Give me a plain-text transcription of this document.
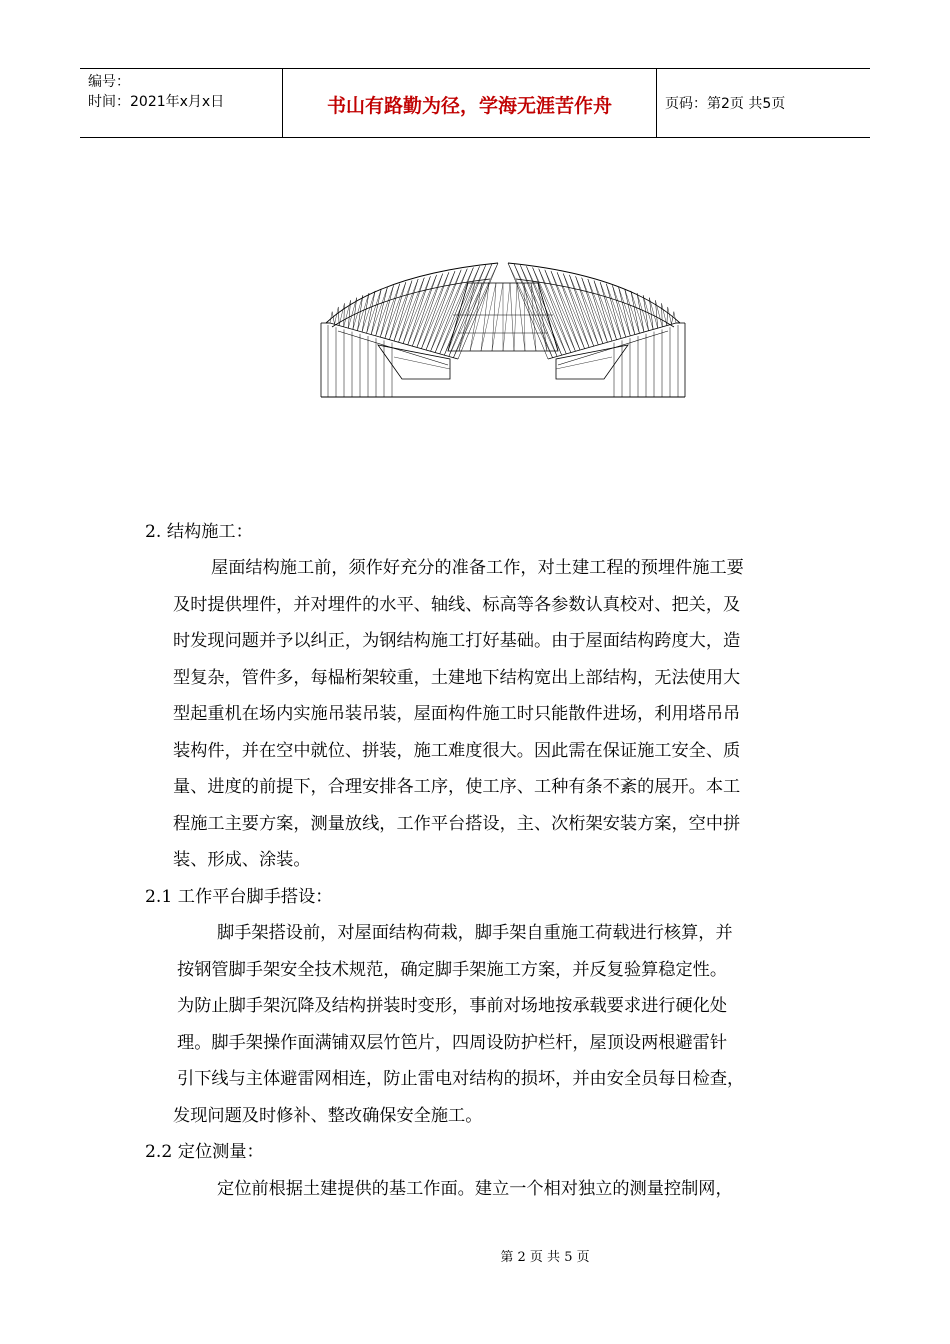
编号：
时间：2021年x月x日	书山有路勤为径，学海无涯苦作舟	页码：第2页 共5页
2. 结构施工：
屋面结构施工前，须作好充分的准备工作，对土建工程的预埋件施工要
及时提供埋件，并对埋件的水平、轴线、标高等各参数认真校对、把关，及
时发现问题并予以纠正，为钢结构施工打好基础。由于屋面结构跨度大，造
型复杂，管件多，每榀桁架较重，土建地下结构宽出上部结构，无法使用大
型起重机在场内实施吊装吊装，屋面构件施工时只能散件进场，利用塔吊吊
装构件，并在空中就位、拼装，施工难度很大。因此需在保证施工安全、质
量、进度的前提下，合理安排各工序，使工序、工种有条不紊的展开。本工
程施工主要方案，测量放线，工作平台搭设，主、次桁架安装方案，空中拼
装、形成、涂装。
2.1 工作平台脚手搭设：
脚手架搭设前，对屋面结构荷栽，脚手架自重施工荷载进行核算，并
按钢管脚手架安全技术规范，确定脚手架施工方案，并反复验算稳定性。
为防止脚手架沉降及结构拼装时变形，事前对场地按承载要求进行硬化处
理。脚手架操作面满铺双层竹笆片，四周设防护栏杆，屋顶设两根避雷针
引下线与主体避雷网相连，防止雷电对结构的损坏，并由安全员每日检查，
发现问题及时修补、整改确保安全施工。
2.2 定位测量：
定位前根据土建提供的基工作面。建立一个相对独立的测量控制网，
第 2 页 共 5 页
